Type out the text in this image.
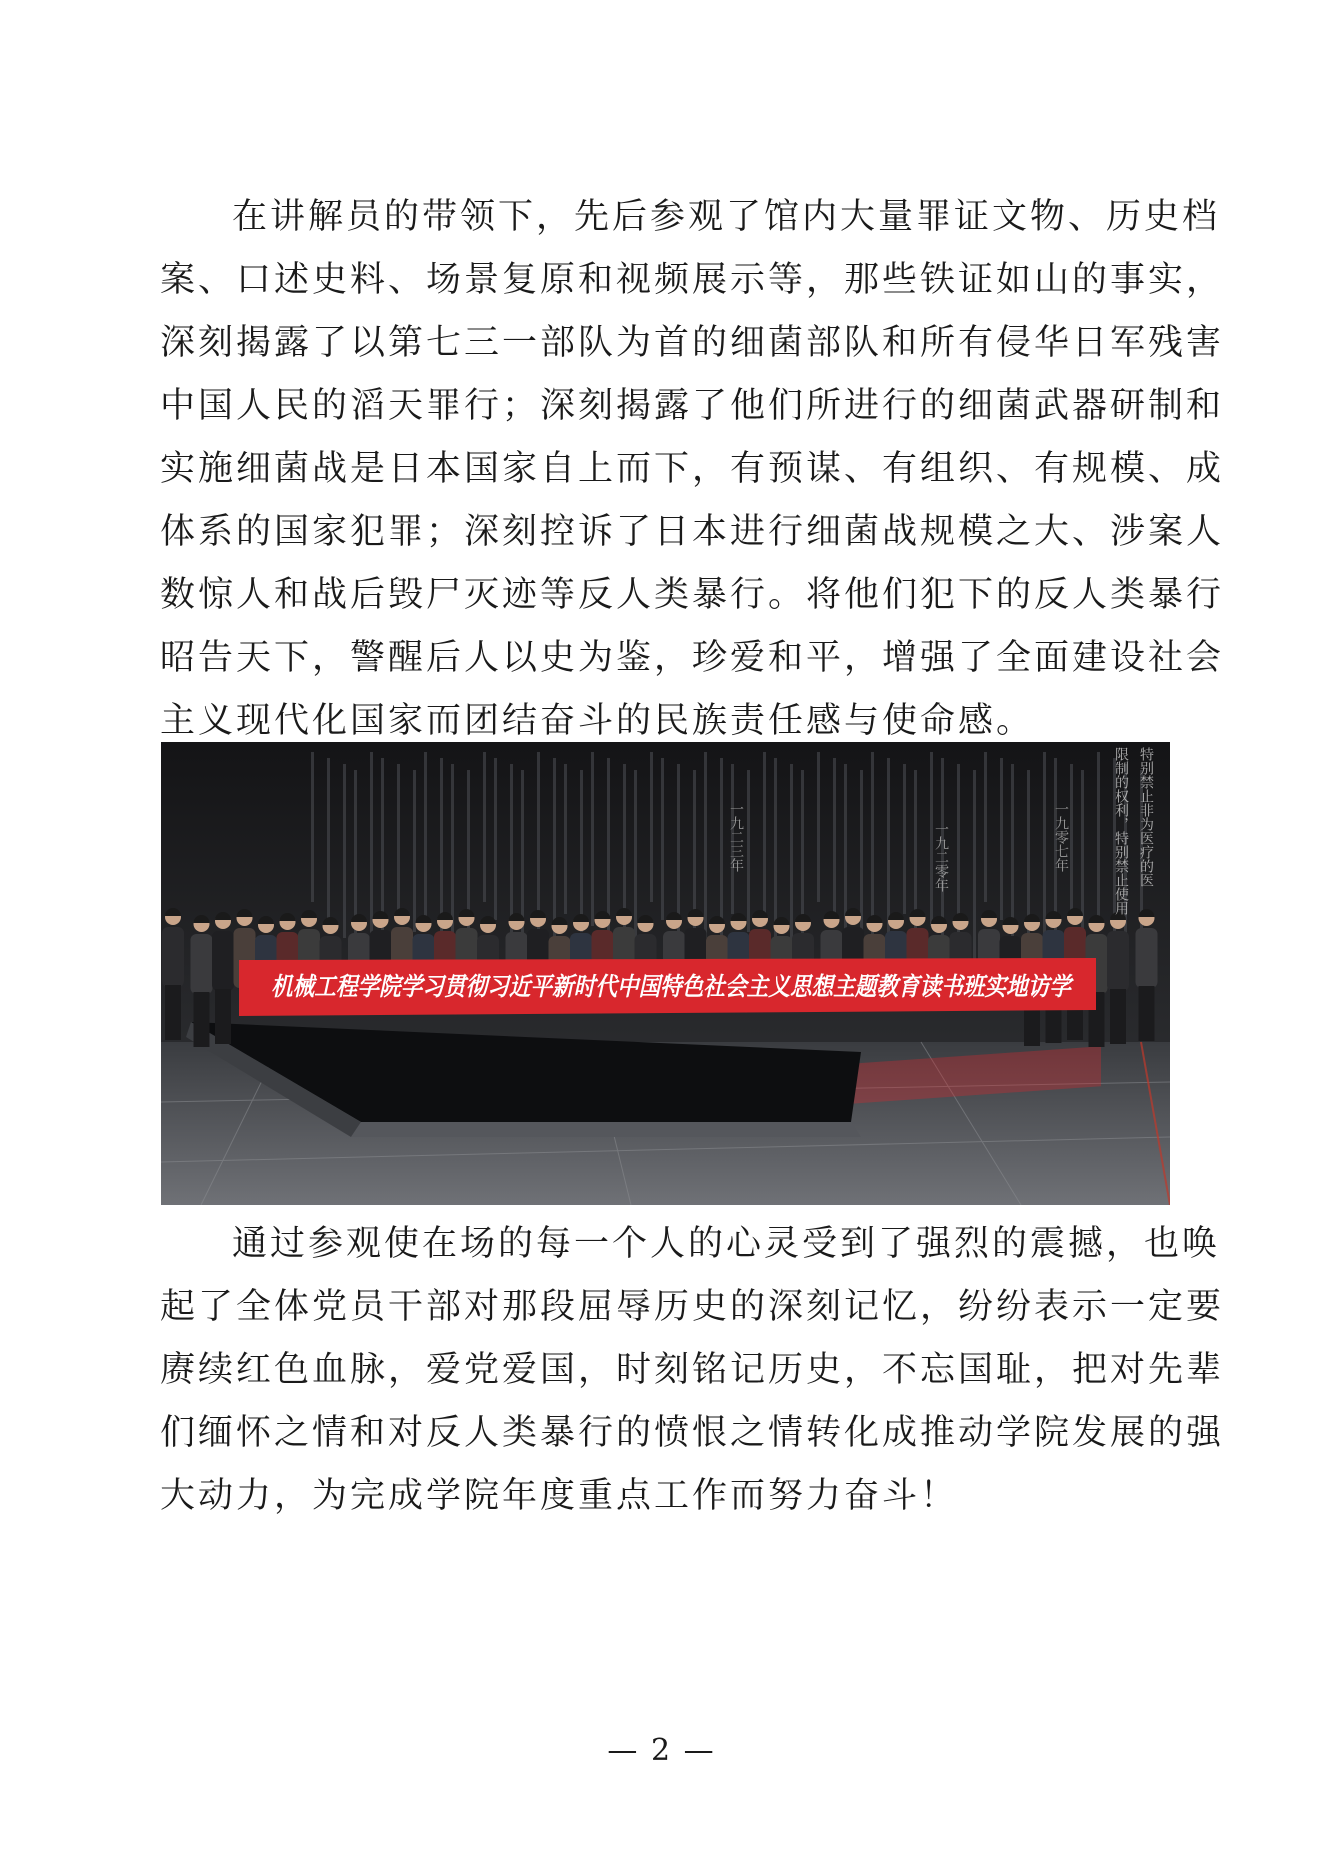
在讲解员的带领下，先后参观了馆内大量罪证文物、历史档
案、口述史料、场景复原和视频展示等，那些铁证如山的事实，
深刻揭露了以第七三一部队为首的细菌部队和所有侵华日军残害
中国人民的滔天罪行；深刻揭露了他们所进行的细菌武器研制和
实施细菌战是日本国家自上而下，有预谋、有组织、有规模、成
体系的国家犯罪；深刻控诉了日本进行细菌战规模之大、涉案人
数惊人和战后毁尸灭迹等反人类暴行。将他们犯下的反人类暴行
昭告天下，警醒后人以史为鉴，珍爱和平，增强了全面建设社会
主义现代化国家而团结奋斗的民族责任感与使命感。
机械工程学院学习贯彻习近平新时代中国特色社会主义思想主题教育读书班实地访学
一九二三年	一九二零年	一九零七年	限制的权利，特别禁止使用 特别禁止非为医疗的医
通过参观使在场的每一个人的心灵受到了强烈的震撼，也唤
起了全体党员干部对那段屈辱历史的深刻记忆，纷纷表示一定要
赓续红色血脉，爱党爱国，时刻铭记历史，不忘国耻，把对先辈
们缅怀之情和对反人类暴行的愤恨之情转化成推动学院发展的强
大动力，为完成学院年度重点工作而努力奋斗！
— 2 —
